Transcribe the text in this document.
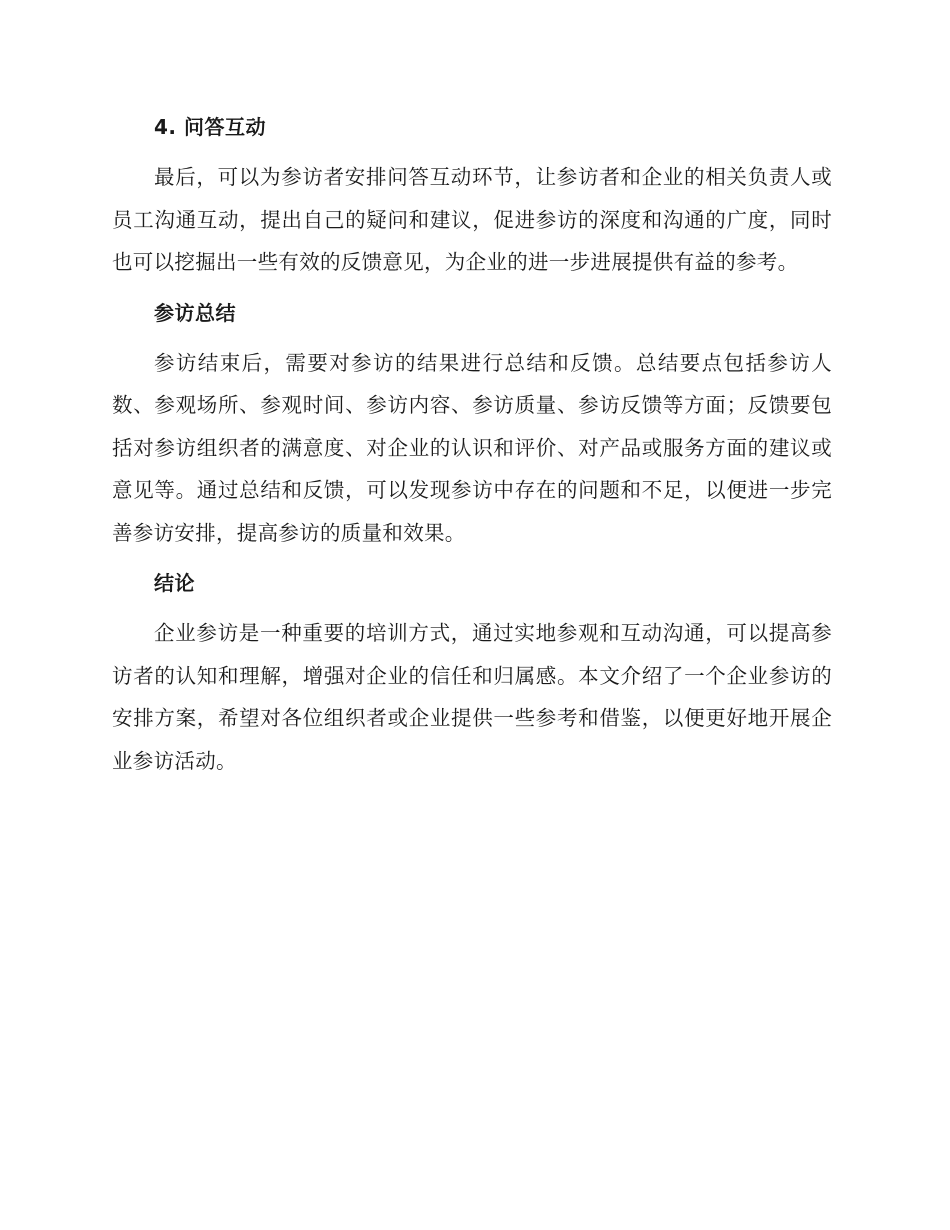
4. 问答互动

最后，可以为参访者安排问答互动环节，让参访者和企业的相关负责人或员工沟通互动，提出自己的疑问和建议，促进参访的深度和沟通的广度，同时也可以挖掘出一些有效的反馈意见，为企业的进一步进展提供有益的参考。

参访总结

参访结束后，需要对参访的结果进行总结和反馈。总结要点包括参访人数、参观场所、参观时间、参访内容、参访质量、参访反馈等方面；反馈要包括对参访组织者的满意度、对企业的认识和评价、对产品或服务方面的建议或意见等。通过总结和反馈，可以发现参访中存在的问题和不足，以便进一步完善参访安排，提高参访的质量和效果。

结论

企业参访是一种重要的培训方式，通过实地参观和互动沟通，可以提高参访者的认知和理解，增强对企业的信任和归属感。本文介绍了一个企业参访的安排方案，希望对各位组织者或企业提供一些参考和借鉴，以便更好地开展企业参访活动。
